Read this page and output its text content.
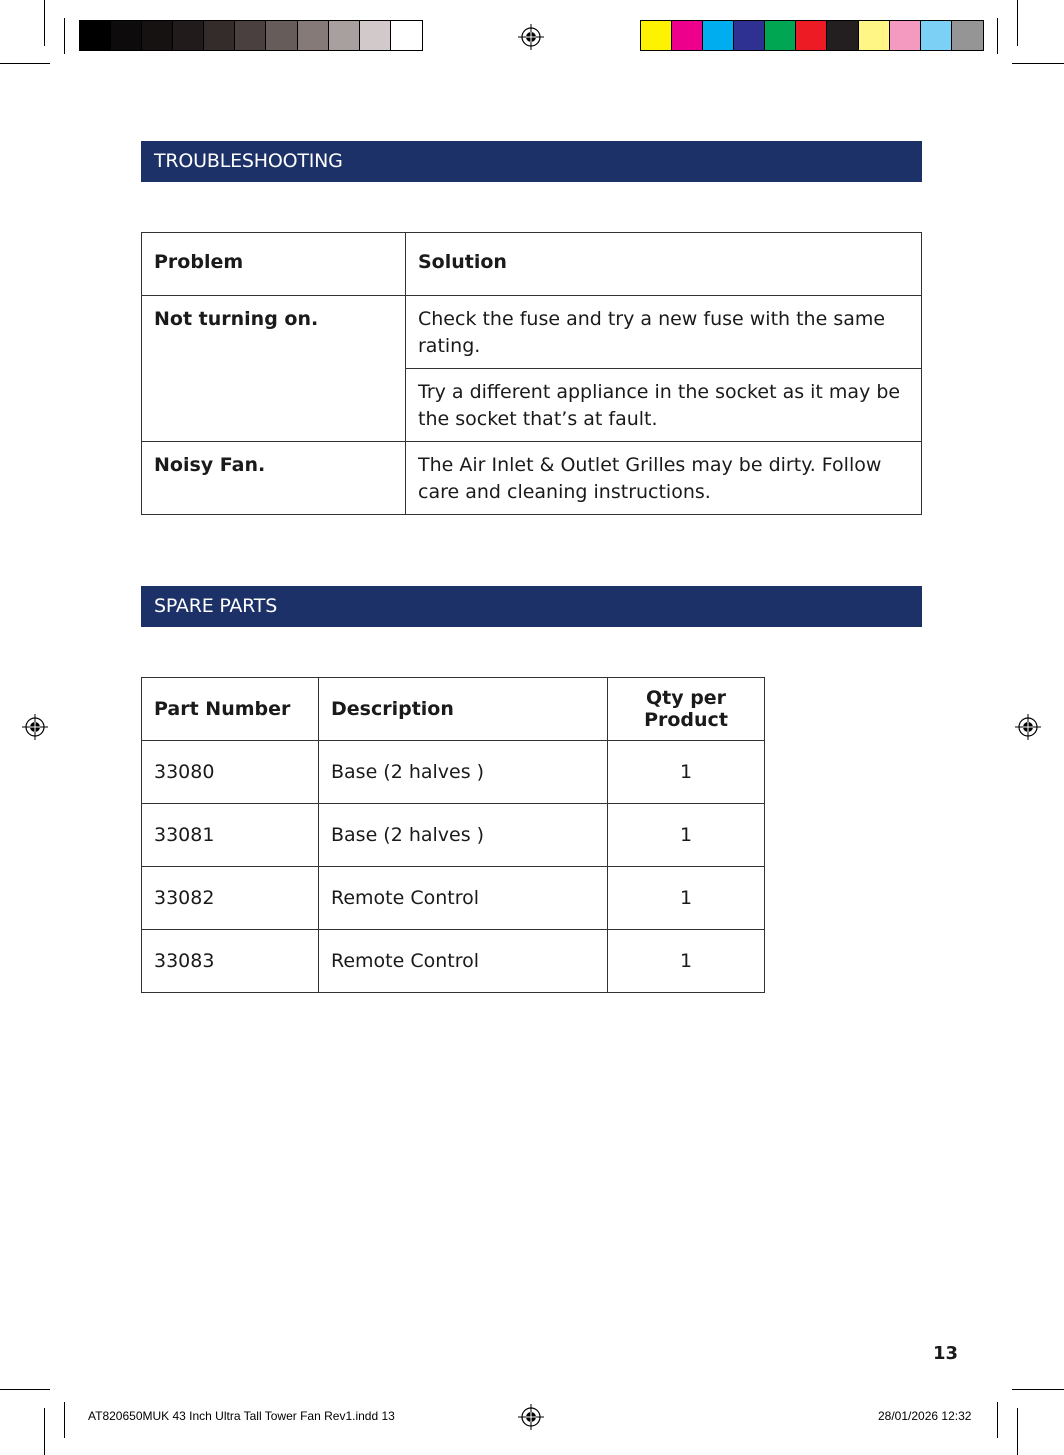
TROUBLESHOOTING
Problem	Solution
Not turning on.	Check the fuse and try a new fuse with the same rating.
	Try a different appliance in the socket as it may be the socket that’s at fault.
Noisy Fan.	The Air Inlet & Outlet Grilles may be dirty. Follow care and cleaning instructions.
SPARE PARTS
Part Number	Description	Qty per Product
33080	Base (2 halves )	1
33081	Base (2 halves )	1
33082	Remote Control	1
33083	Remote Control	1
13
AT820650MUK 43 Inch Ultra Tall Tower Fan Rev1.indd 13	28/01/2026 12:32
